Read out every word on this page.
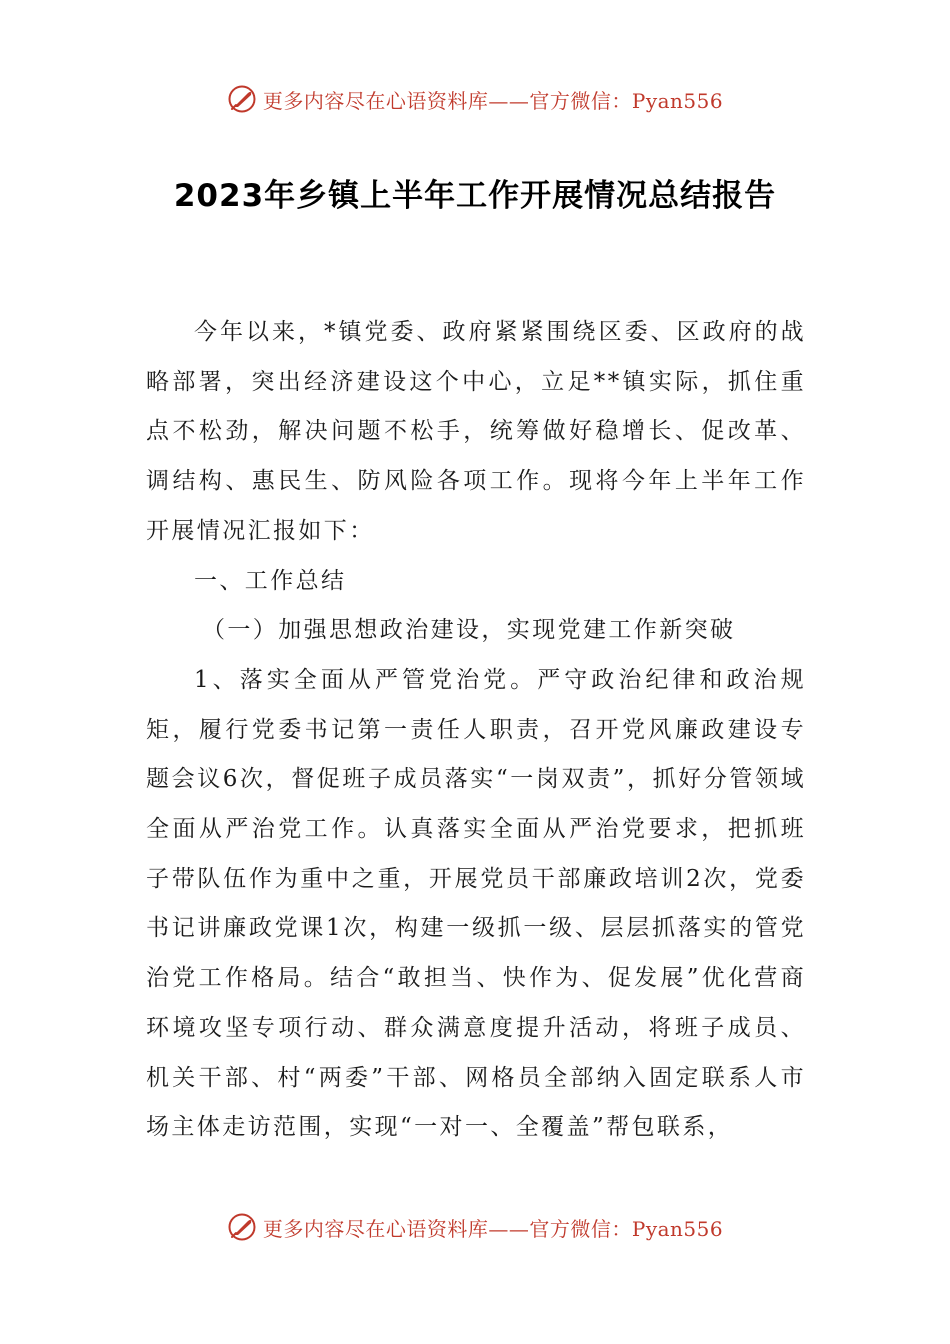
更多内容尽在心语资料库——官方微信：Pyan556
2023年乡镇上半年工作开展情况总结报告

今年以来，*镇党委、政府紧紧围绕区委、区政府的战略部署，突出经济建设这个中心，立足**镇实际，抓住重点不松劲，解决问题不松手，统筹做好稳增长、促改革、调结构、惠民生、防风险各项工作。现将今年上半年工作开展情况汇报如下：

一、工作总结

（一）加强思想政治建设，实现党建工作新突破

1、落实全面从严管党治党。严守政治纪律和政治规矩，履行党委书记第一责任人职责，召开党风廉政建设专题会议6次，督促班子成员落实“一岗双责”，抓好分管领域全面从严治党工作。认真落实全面从严治党要求，把抓班子带队伍作为重中之重，开展党员干部廉政培训2次，党委书记讲廉政党课1次，构建一级抓一级、层层抓落实的管党治党工作格局。结合“敢担当、快作为、促发展”优化营商环境攻坚专项行动、群众满意度提升活动，将班子成员、机关干部、村“两委”干部、网格员全部纳入固定联系人市场主体走访范围，实现“一对一、全覆盖”帮包联系，

更多内容尽在心语资料库——官方微信：Pyan556
